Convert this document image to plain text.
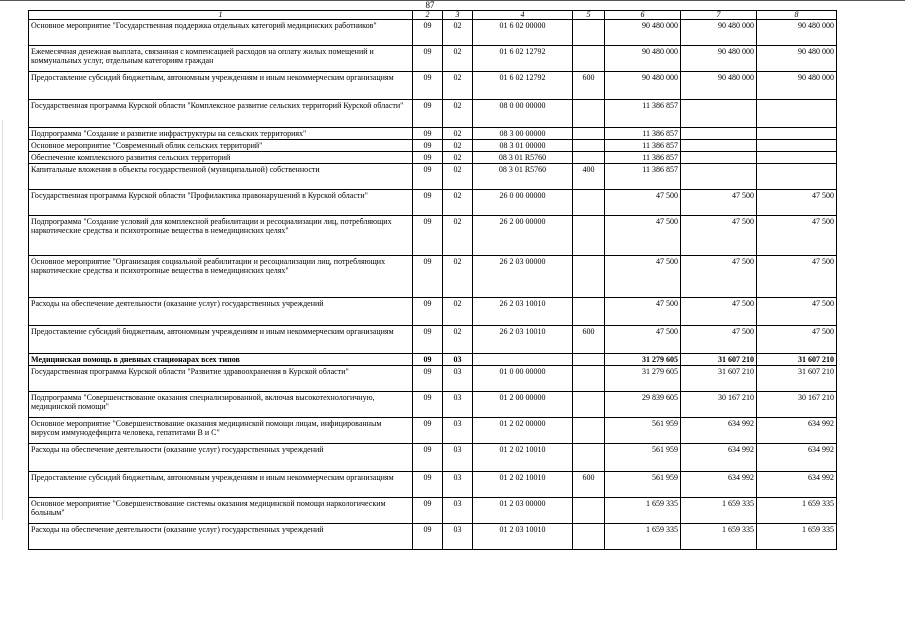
87
1	2	3	4	5	6	7	8
Основное мероприятие "Государственная поддержка отдельных категорий медицинских работников"	09	02	01 6 02 00000		90 480 000	90 480 000	90 480 000
Ежемесячная денежная выплата, связанная с компенсацией расходов на оплату жилых помещений и коммунальных услуг, отдельным категориям граждан	09	02	01 6 02 12792		90 480 000	90 480 000	90 480 000
Предоставление субсидий бюджетным, автономным учреждениям и иным некоммерческим организациям	09	02	01 6 02 12792	600	90 480 000	90 480 000	90 480 000
Государственная программа Курской области "Комплексное развитие сельских территорий Курской области"	09	02	08 0 00 00000		11 386 857		
Подпрограмма "Создание и развитие инфраструктуры на сельских территориях"	09	02	08 3 00 00000		11 386 857		
Основное мероприятие "Современный облик сельских территорий"	09	02	08 3 01 00000		11 386 857		
Обеспечение комплексного развития сельских территорий	09	02	08 3 01 R5760		11 386 857		
Капитальные вложения в объекты государственной (муниципальной) собственности	09	02	08 3 01 R5760	400	11 386 857		
Государственная программа Курской области "Профилактика правонарушений в Курской области"	09	02	26 0 00 00000		47 500	47 500	47 500
Подпрограмма "Создание условий для комплексной реабилитации и ресоциализации лиц, потребляющих наркотические средства и психотропные вещества в немедицинских целях"	09	02	26 2 00 00000		47 500	47 500	47 500
Основное мероприятие "Организация социальной реабилитации и ресоциализации лиц, потребляющих наркотические средства и психотропные вещества в немедицинских целях"	09	02	26 2 03 00000		47 500	47 500	47 500
Расходы на обеспечение деятельности (оказание услуг) государственных учреждений	09	02	26 2 03 10010		47 500	47 500	47 500
Предоставление субсидий бюджетным, автономным учреждениям и иным некоммерческим организациям	09	02	26 2 03 10010	600	47 500	47 500	47 500
Медицинская помощь в дневных стационарах всех типов	09	03			31 279 605	31 607 210	31 607 210
Государственная программа Курской области "Развитие здравоохранения в Курской области"	09	03	01 0 00 00000		31 279 605	31 607 210	31 607 210
Подпрограмма "Совершенствование оказания специализированной, включая высокотехнологичную, медицинской помощи"	09	03	01 2 00 00000		29 839 605	30 167 210	30 167 210
Основное мероприятие "Совершенствование оказания медицинской помощи лицам, инфицированным вирусом иммунодефицита человека, гепатитами В и С"	09	03	01 2 02 00000		561 959	634 992	634 992
Расходы на обеспечение деятельности (оказание услуг) государственных учреждений	09	03	01 2 02 10010		561 959	634 992	634 992
Предоставление субсидий бюджетным, автономным учреждениям и иным некоммерческим организациям	09	03	01 2 02 10010	600	561 959	634 992	634 992
Основное мероприятие "Совершенствование системы оказания медицинской помощи наркологическим больным"	09	03	01 2 03 00000		1 659 335	1 659 335	1 659 335
Расходы на обеспечение деятельности (оказание услуг) государственных учреждений	09	03	01 2 03 10010		1 659 335	1 659 335	1 659 335
